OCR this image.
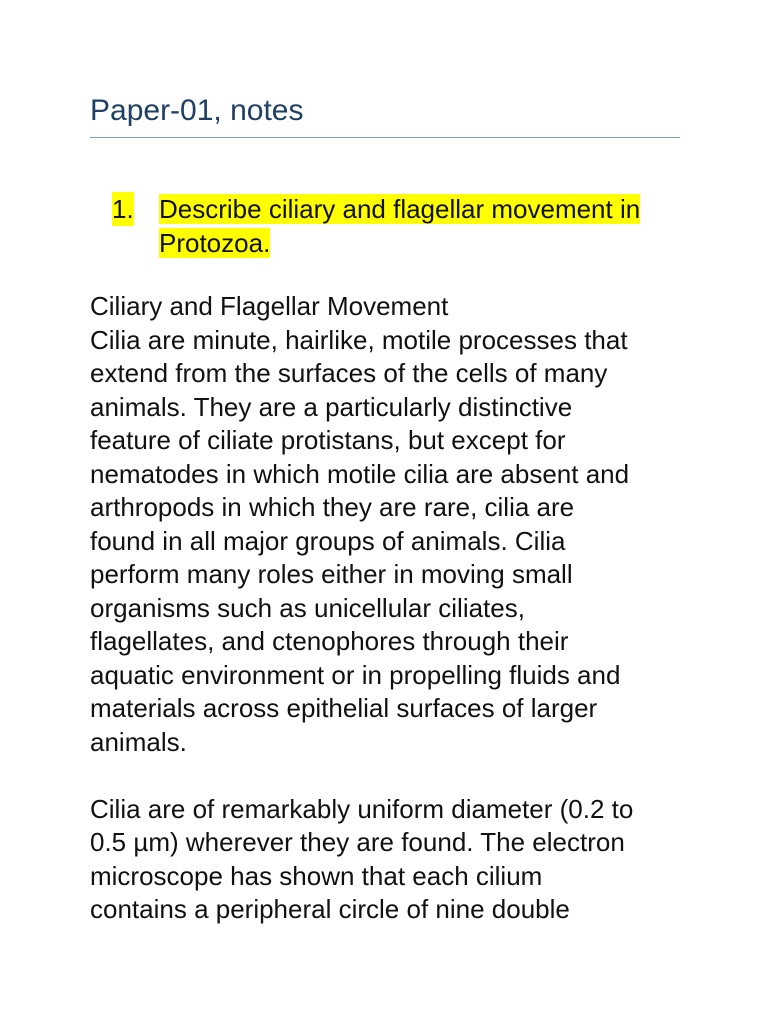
Paper-01, notes
1. Describe ciliary and flagellar movement in
Protozoa.
Ciliary and Flagellar Movement
Cilia are minute, hairlike, motile processes that
extend from the surfaces of the cells of many
animals. They are a particularly distinctive
feature of ciliate protistans, but except for
nematodes in which motile cilia are absent and
arthropods in which they are rare, cilia are
found in all major groups of animals. Cilia
perform many roles either in moving small
organisms such as unicellular ciliates,
flagellates, and ctenophores through their
aquatic environment or in propelling fluids and
materials across epithelial surfaces of larger
animals.
Cilia are of remarkably uniform diameter (0.2 to
0.5 µm) wherever they are found. The electron
microscope has shown that each cilium
contains a peripheral circle of nine double
